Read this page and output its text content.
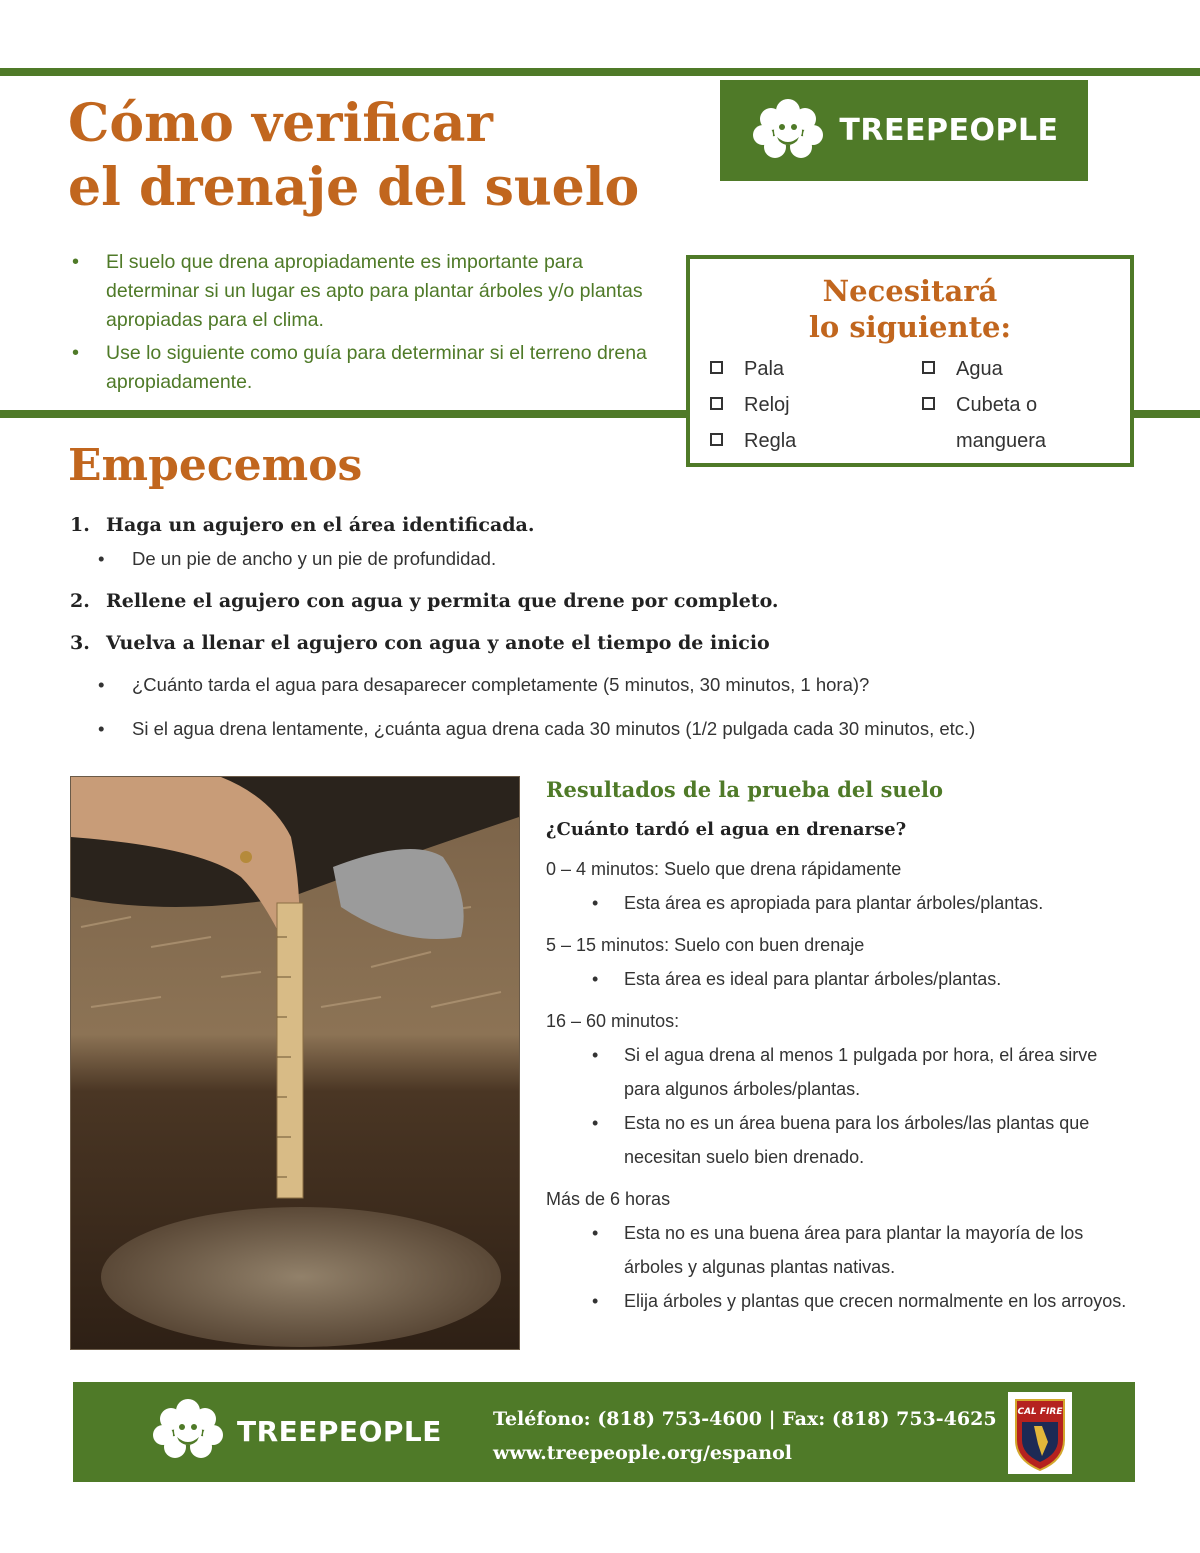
Cómo verificar
el drenaje del suelo
TREEPEOPLE
• El suelo que drena apropiadamente es importante para determinar si un lugar es apto para plantar árboles y/o plantas apropiadas para el clima.
• Use lo siguiente como guía para determinar si el terreno drena apropiadamente.
Necesitará
lo siguiente:
Pala
Reloj
Regla
Agua
Cubeta o
manguera
Empecemos
1. Haga un agujero en el área identificada.
• De un pie de ancho y un pie de profundidad.
2. Rellene el agujero con agua y permita que drene por completo.
3. Vuelva a llenar el agujero con agua y anote el tiempo de inicio
• ¿Cuánto tarda el agua para desaparecer completamente (5 minutos, 30 minutos, 1 hora)?
• Si el agua drena lentamente, ¿cuánta agua drena cada 30 minutos (1/2 pulgada cada 30 minutos, etc.)
Resultados de la prueba del suelo

¿Cuánto tardó el agua en drenarse?

0 – 4 minutos: Suelo que drena rápidamente
• Esta área es apropiada para plantar árboles/plantas.
5 – 15 minutos: Suelo con buen drenaje
• Esta área es ideal para plantar árboles/plantas.
16 – 60 minutos:
• Si el agua drena al menos 1 pulgada por hora, el área sirve para algunos árboles/plantas.
• Esta no es un área buena para los árboles/las plantas que necesitan suelo bien drenado.
Más de 6 horas
• Esta no es una buena área para plantar la mayoría de los árboles y algunas plantas nativas.
• Elija árboles y plantas que crecen normalmente en los arroyos.
TREEPEOPLE	Teléfono: (818) 753-4600 | Fax: (818) 753-4625
www.treepeople.org/espanol
CAL FIRE
